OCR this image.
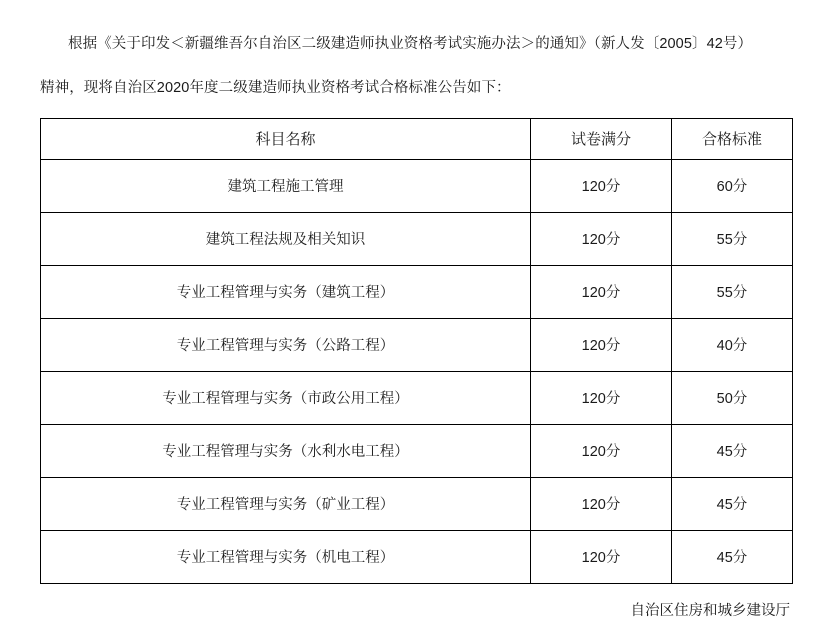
根据《关于印发＜新疆维吾尔自治区二级建造师执业资格考试实施办法＞的通知》（新人发〔2005〕42号）

精神，现将自治区2020年度二级建造师执业资格考试合格标准公告如下：

科目名称	试卷满分	合格标准
建筑工程施工管理	120分	60分
建筑工程法规及相关知识	120分	55分
专业工程管理与实务（建筑工程）	120分	55分
专业工程管理与实务（公路工程）	120分	40分
专业工程管理与实务（市政公用工程）	120分	50分
专业工程管理与实务（水利水电工程）	120分	45分
专业工程管理与实务（矿业工程）	120分	45分
专业工程管理与实务（机电工程）	120分	45分
自治区住房和城乡建设厅
